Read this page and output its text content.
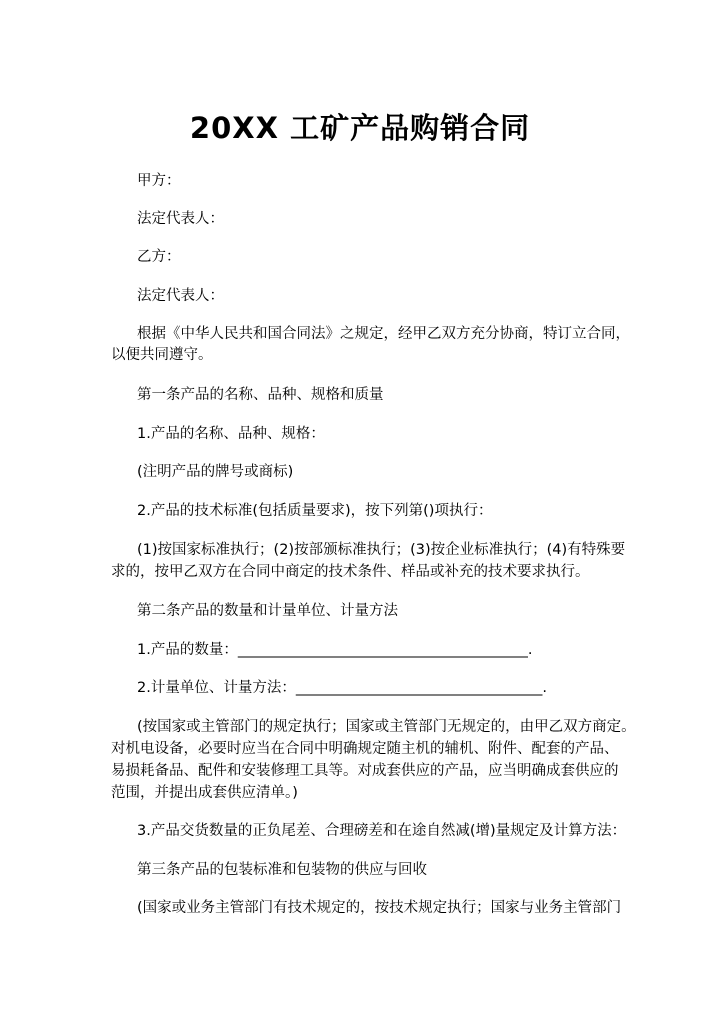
20XX 工矿产品购销合同

甲方：

法定代表人：

乙方：

法定代表人：

根据《中华人民共和国合同法》之规定，经甲乙双方充分协商，特订立合同，

以便共同遵守。

第一条产品的名称、品种、规格和质量

1.产品的名称、品种、规格：

(注明产品的牌号或商标)

2.产品的技术标准(包括质量要求)，按下列第()项执行：

(1)按国家标准执行；(2)按部颁标准执行；(3)按企业标准执行；(4)有特殊要

求的，按甲乙双方在合同中商定的技术条件、样品或补充的技术要求执行。

第二条产品的数量和计量单位、计量方法

1.产品的数量：________________________________________.

2.计量单位、计量方法：__________________________________.

(按国家或主管部门的规定执行；国家或主管部门无规定的，由甲乙双方商定。

对机电设备，必要时应当在合同中明确规定随主机的辅机、附件、配套的产品、

易损耗备品、配件和安装修理工具等。对成套供应的产品，应当明确成套供应的

范围，并提出成套供应清单。)

3.产品交货数量的正负尾差、合理磅差和在途自然减(增)量规定及计算方法：

第三条产品的包装标准和包装物的供应与回收

(国家或业务主管部门有技术规定的，按技术规定执行；国家与业务主管部门
